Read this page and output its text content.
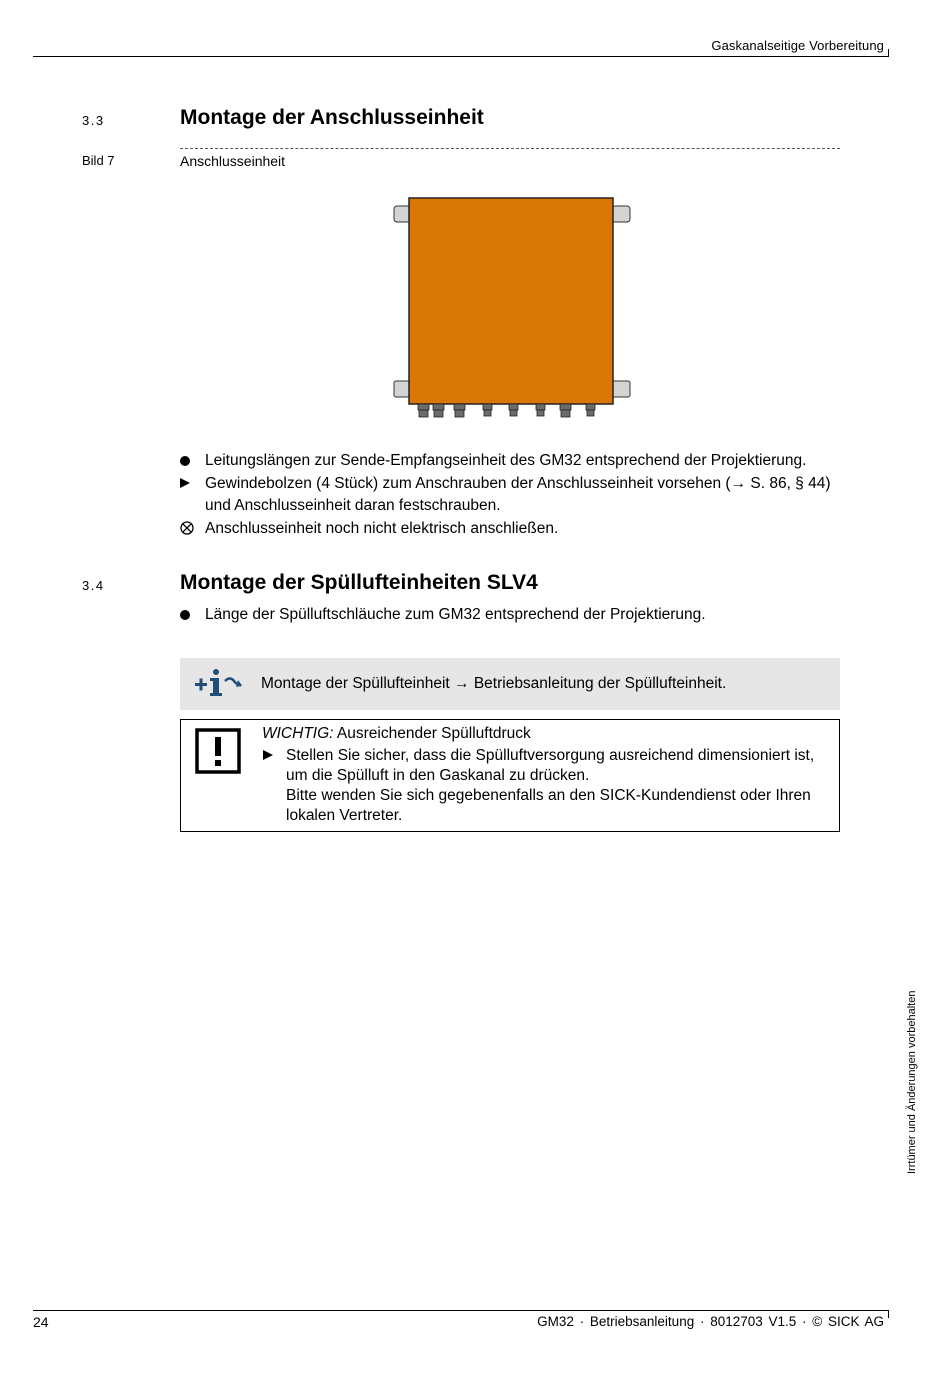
Gaskanalseitige Vorbereitung
3.3	Montage der Anschlusseinheit
Bild 7	Anschlusseinheit
Leitungslängen zur Sende-Empfangseinheit des GM32 entsprechend der Projektierung.
Gewindebolzen (4 Stück) zum Anschrauben der Anschlusseinheit vorsehen (→ S. 86, § 44) und Anschlusseinheit daran festschrauben.
Anschlusseinheit noch nicht elektrisch anschließen.
3.4	Montage der Spüllufteinheiten SLV4
Länge der Spülluftschläuche zum GM32 entsprechend der Projektierung.
Montage der Spüllufteinheit → Betriebsanleitung der Spüllufteinheit.
WICHTIG: Ausreichender Spülluftdruck
Stellen Sie sicher, dass die Spülluftversorgung ausreichend dimensioniert ist, um die Spülluft in den Gaskanal zu drücken.
Bitte wenden Sie sich gegebenenfalls an den SICK-Kundendienst oder Ihren lokalen Vertreter.
Irrtümer und Änderungen vorbehalten
24	GM32 · Betriebsanleitung · 8012703 V1.5 · © SICK AG
